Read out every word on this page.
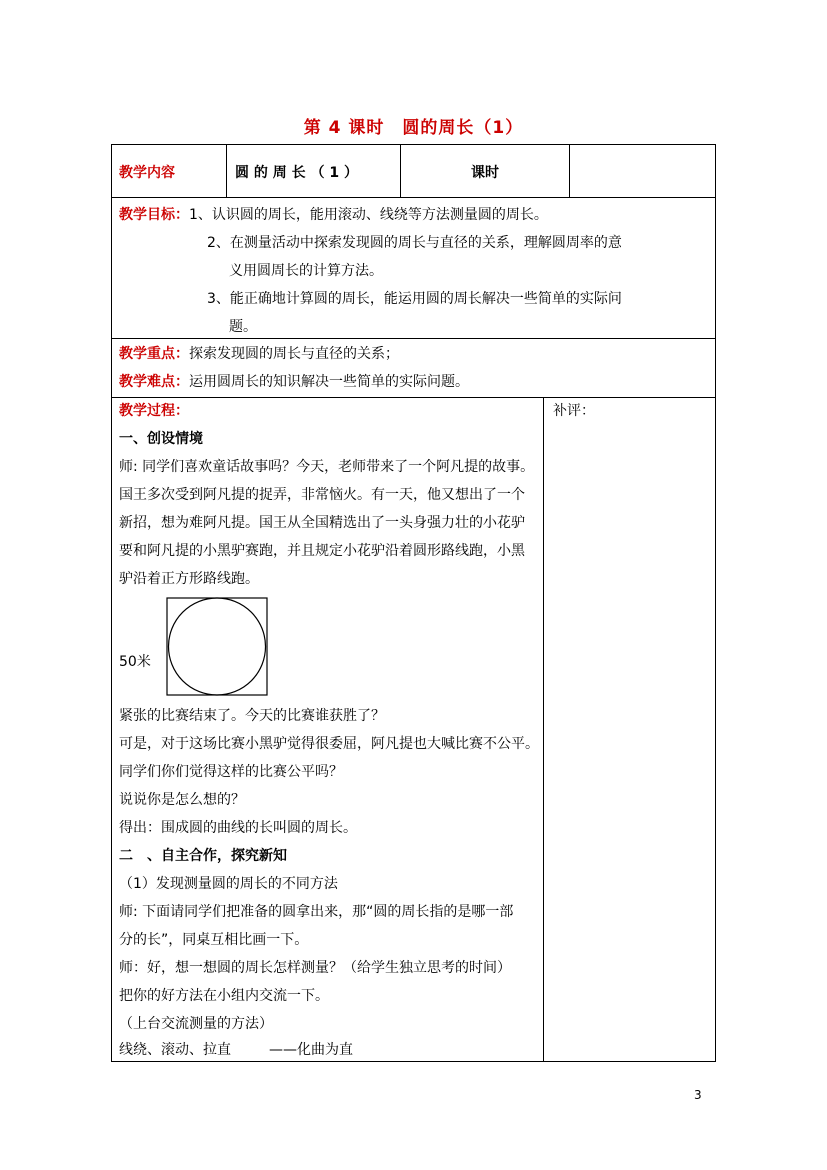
第 4 课时 圆的周长（1）
教学内容	圆 的 周 长 （ 1 ）	课时
教学目标：1、认识圆的周长，能用滚动、线绕等方法测量圆的周长。
2、在测量活动中探索发现圆的周长与直径的关系，理解圆周率的意
义用圆周长的计算方法。
3、能正确地计算圆的周长，能运用圆的周长解决一些简单的实际问
题。
教学重点：探索发现圆的周长与直径的关系；
教学难点：运用圆周长的知识解决一些简单的实际问题。
教学过程：	补评：
一、创设情境
师: 同学们喜欢童话故事吗？今天，老师带来了一个阿凡提的故事。
国王多次受到阿凡提的捉弄，非常恼火。有一天，他又想出了一个
新招，想为难阿凡提。国王从全国精选出了一头身强力壮的小花驴
要和阿凡提的小黑驴赛跑，并且规定小花驴沿着圆形路线跑，小黑
驴沿着正方形路线跑。
50米
紧张的比赛结束了。今天的比赛谁获胜了？
可是，对于这场比赛小黑驴觉得很委屈，阿凡提也大喊比赛不公平。
同学们你们觉得这样的比赛公平吗？
说说你是怎么想的？
得出：围成圆的曲线的长叫圆的周长。
二　、自主合作，探究新知
（1）发现测量圆的周长的不同方法
师: 下面请同学们把准备的圆拿出来，那“圆的周长指的是哪一部
分的长”，同桌互相比画一下。
师：好，想一想圆的周长怎样测量？（给学生独立思考的时间）
把你的好方法在小组内交流一下。
（上台交流测量的方法）
线绕、滚动、拉直	——化曲为直
3
